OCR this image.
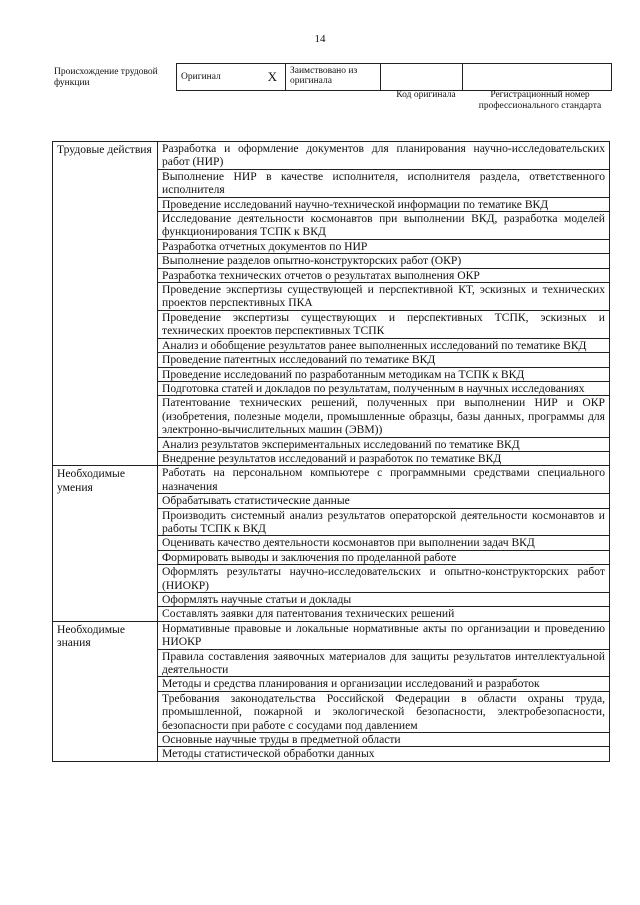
14
Происхождение трудовой функции
Оригинал	X	Заимствовано из оригинала		
Код оригинала	Регистрационный номер профессионального стандарта
Трудовые действия	Разработка и оформление документов для планирования научно-исследовательских работ (НИР)
	Выполнение НИР в качестве исполнителя, исполнителя раздела, ответственного исполнителя
	Проведение исследований научно-технической информации по тематике ВКД
	Исследование деятельности космонавтов при выполнении ВКД, разработка моделей функционирования ТСПК к ВКД
	Разработка отчетных документов по НИР
	Выполнение разделов опытно-конструкторских работ (ОКР)
	Разработка технических отчетов о результатах выполнения ОКР
	Проведение экспертизы существующей и перспективной КТ, эскизных и технических проектов перспективных ПКА
	Проведение экспертизы существующих и перспективных ТСПК, эскизных и технических проектов перспективных ТСПК
	Анализ и обобщение результатов ранее выполненных исследований по тематике ВКД
	Проведение патентных исследований по тематике ВКД
	Проведение исследований по разработанным методикам на ТСПК к ВКД
	Подготовка статей и докладов по результатам, полученным в научных исследованиях
	Патентование технических решений, полученных при выполнении НИР и ОКР (изобретения, полезные модели, промышленные образцы, базы данных, программы для электронно-вычислительных машин (ЭВМ))
	Анализ результатов экспериментальных исследований по тематике ВКД
	Внедрение результатов исследований и разработок по тематике ВКД
Необходимые умения	Работать на персональном компьютере с программными средствами специального назначения
	Обрабатывать статистические данные
	Производить системный анализ результатов операторской деятельности космонавтов и работы ТСПК к ВКД
	Оценивать качество деятельности космонавтов при выполнении задач ВКД
	Формировать выводы и заключения по проделанной работе
	Оформлять результаты научно-исследовательских и опытно-конструкторских работ (НИОКР)
	Оформлять научные статьи и доклады
	Составлять заявки для патентования технических решений
Необходимые знания	Нормативные правовые и локальные нормативные акты по организации и проведению НИОКР
	Правила составления заявочных материалов для защиты результатов интеллектуальной деятельности
	Методы и средства планирования и организации исследований и разработок
	Требования законодательства Российской Федерации в области охраны труда, промышленной, пожарной и экологической безопасности, электробезопасности, безопасности при работе с сосудами под давлением
	Основные научные труды в предметной области
	Методы статистической обработки данных
